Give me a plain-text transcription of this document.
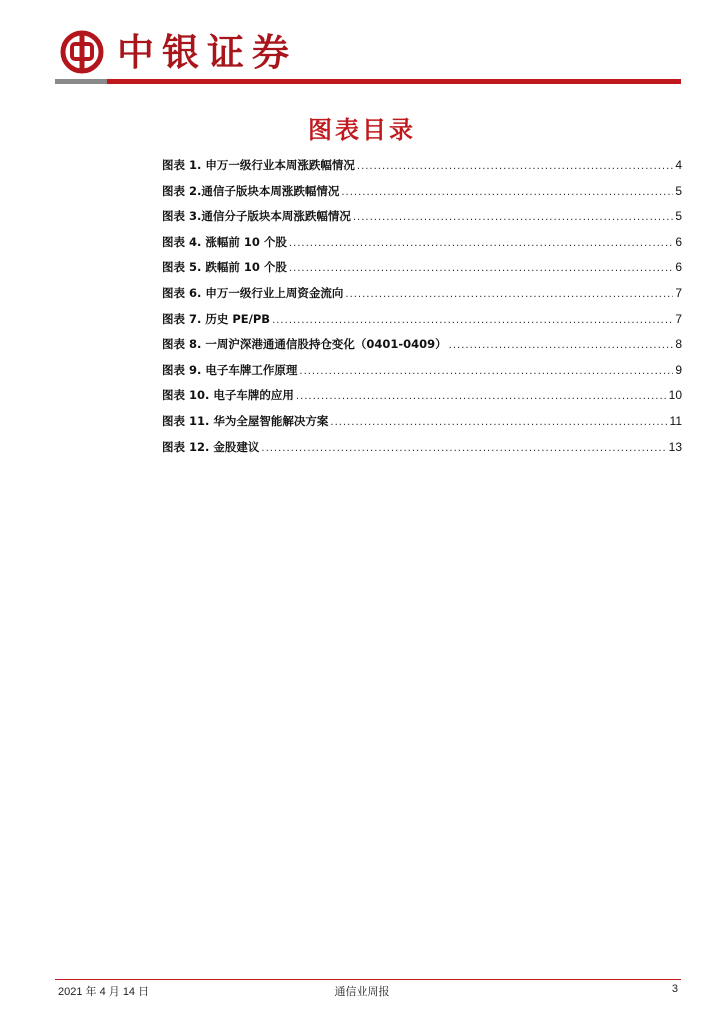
中银证券
图表目录
图表 1. 申万一级行业本周涨跌幅情况 .....	4
图表 2.通信子版块本周涨跌幅情况 .....	5
图表 3.通信分子版块本周涨跌幅情况 .....	5
图表 4. 涨幅前 10 个股 .....	6
图表 5. 跌幅前 10 个股 .....	6
图表 6. 申万一级行业上周资金流向 .....	7
图表 7. 历史 PE/PB .....	7
图表 8. 一周沪深港通通信股持仓变化（0401-0409） .....	8
图表 9. 电子车牌工作原理 .....	9
图表 10. 电子车牌的应用 .....	10
图表 11. 华为全屋智能解决方案 .....	11
图表 12. 金股建议 .....	13
2021 年 4 月 14 日	通信业周报	3
